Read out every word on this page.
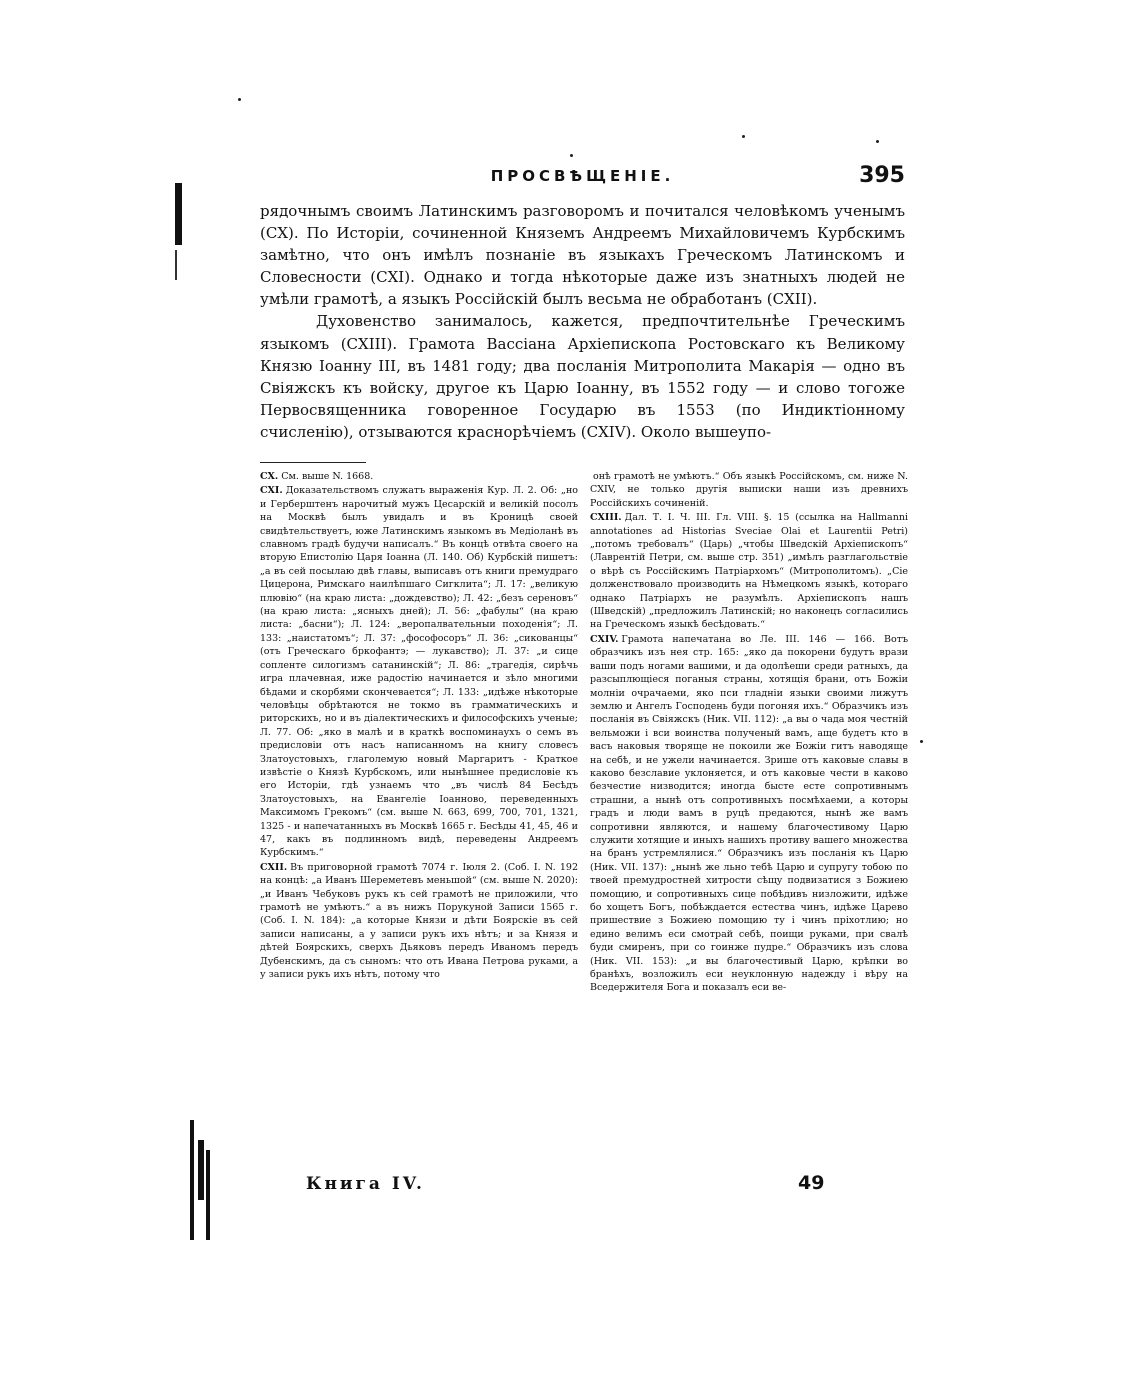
ПРОСВѢЩЕНІЕ.	395

рядочнымъ своимъ Латинскимъ разговоромъ и почитался человѣкомъ ученымъ (CX). По Исторіи, сочиненной Княземъ Андреемъ Михайловичемъ Курбскимъ замѣтно, что онъ имѣлъ познаніе въ языкахъ Греческомъ Латинскомъ и Словесности (CXI). Однако и тогда нѣкоторые даже изъ знатныхъ людей не умѣли грамотѣ, а языкъ Россійскій былъ весьма не обработанъ (CXII).

Духовенство занималось, кажется, предпочтительнѣе Греческимъ языкомъ (CXIII). Грамота Вассіана Архіепископа Ростовскаго къ Великому Князю Іоанну III, въ 1481 году; два посланія Митрополита Макарія — одно въ Свіяжскъ къ войску, другое къ Царю Іоанну, въ 1552 году — и слово тогоже Первосвященника говоренное Государю въ 1553 (по Индиктіонному счисленію), отзываются краснорѣчіемъ (CXIV). Около вышеупо-

CX. См. выше N. 1668.

CXI. Доказательствомъ служатъ выраженія Кур. Л. 2. Об: „но и Герберштенъ нарочитый мужъ Цесарскій и великій посолъ на Москвѣ былъ увидалъ и въ Кроницѣ своей свидѣтельствуетъ, юже Латинскимъ языкомъ въ Медіоланѣ въ славномъ градѣ будучи написалъ.“ Въ концѣ отвѣта своего на вторую Епистолію Царя Іоанна (Л. 140. Об) Курбскій пишетъ: „а въ сей посылаю двѣ главы, выписавъ отъ книги премудраго Цицерона, Римскаго наилѣпшаго Сигклита“; Л. 17: „великую плювію“ (на краю листа: „дождевство); Л. 42: „безъ сереновъ“ (на краю листа: „ясныхъ дней); Л. 56: „фабулы“ (на краю листа: „басни“); Л. 124: „вeрoпалвательныи походенія“; Л. 133: „наистатомъ“; Л. 37: „фософосоръ“ Л. 36: „сикованцы“ (отъ Греческаго бркофантэ; — лукавство); Л. 37: „и сице сопленте силогизмъ сатанинскій“; Л. 86: „трагедія, сирѣчь игра плачевная, иже радостію начинается и зѣло многими бѣдами и скорбями скончевается“; Л. 133: „идѣже нѣкоторые человѣцы обрѣтаются не токмо въ грамматическихъ и риторскихъ, но и въ діалектическихъ и философскихъ ученые; Л. 77. Об: „яко в малѣ и в краткѣ воспоминаухъ о семъ въ предисловіи отъ насъ написанномъ на книгу словесъ Златоустовыхъ, глаголемую новый Маргаритъ - Краткое извѣстіе о Князѣ Курбскомъ, или нынѣшнее предисловіе къ его Исторіи, гдѣ узнаемъ что „въ числѣ 84 Бесѣдъ Златоустовыхъ, на Евангеліе Іоанново, переведенныхъ Максимомъ Грекомъ“ (см. выше N. 663, 699, 700, 701, 1321, 1325 - и напечатанныхъ въ Москвѣ 1665 г. Бесѣды 41, 45, 46 и 47, какъ въ подлинномъ видѣ, переведены Андреемъ Курбскимъ.“

CXII. Въ приговорной грамотѣ 7074 г. Іюля 2. (Соб. I. N. 192 на концѣ: „а Иванъ Шереметевъ меньшой“ (см. выше N. 2020): „и Иванъ Чебуковъ рукъ къ сей грамотѣ не приложили, что грамотѣ не умѣютъ.“ а въ нижъ Порукуной Записи 1565 г. (Соб. I. N. 184): „а которые Князи и дѣти Боярскіе въ сей записи написаны, а у записи рукъ ихъ нѣтъ; и за Князя и дѣтей Боярскихъ, сверхъ Дьяковъ передъ Иваномъ передъ Дубенскимъ, да съ сыномъ: что отъ Ивана Петрова руками, а у записи рукъ ихъ нѣтъ, потому что

онѣ грамотѣ не умѣютъ.“ Объ языкѣ Россійскомъ, см. ниже N. CXIV, не только другія выписки наши изъ древнихъ Россійскихъ сочиненій.

CXIII. Дал. Т. I. Ч. III. Гл. VIII. §. 15 (ссылка на Hallmanni annotationes ad Historias Sveciae Olai et Laurentii Petri) „потомъ требовалъ“ (Царь) „чтобы Шведскій Архіепископъ“ (Лаврентій Петри, см. выше стр. 351) „имѣлъ разглагольствіе о вѣрѣ съ Россійскимъ Патріархомъ“ (Митрополитомъ). „Сіе долженствовало производить на Нѣмецкомъ языкѣ, котораго однако Патріархъ не разумѣлъ. Архіепископъ нашъ (Шведскій) „предложилъ Латинскій; но наконецъ согласились на Греческомъ языкѣ бесѣдовать.“

CXIV. Грамота напечатана во Ле. III. 146 — 166. Вотъ образчикъ изъ нея стр. 165: „яко да покорени будутъ врази ваши подъ ногами вашими, и да одолѣеши среди ратныхъ, да разсыплющіеся поганыя страны, хотящія брани, отъ Божіи молніи очрачаеми, яко пси гладніи языки своими лижутъ землю и Ангелъ Господень буди погоняя ихъ.“ Образчикъ изъ посланія въ Свіяжскъ (Ник. VII. 112): „а вы о чада моя честній вельможи і вси воинства полученый вамъ, аще будетъ кто в васъ наковыя творяще не покоили же Божіи гитъ наводяще на себѣ, и не ужели начинается. Зрише отъ каковые славы в каково безславие уклоняется, и отъ каковые чести в каково безчестие низводится; иногда бысте есте сопротивнымъ страшни, а нынѣ отъ сопротивныхъ посмѣхаеми, а которы градъ и люди вамъ в руцѣ предаются, нынѣ же вамъ сопротивни являются, и нашему благочестивому Царю служити хотящие и иныхъ нашихъ противу вашего множества на бранъ устремлялися.“ Образчикъ изъ посланія къ Царю (Ник. VII. 137): „нынѣ же льно тебѣ Царю и супругу тобою по твоей премудростней хитрости сѣщу подвизатися з Божиею помощию, и сопротивныхъ сице побѣдивъ низложити, идѣже бо хощетъ Богъ, побѣждается естества чинъ, идѣже Царево пришествие з Божиею помощию ту і чинъ пріхотлию; но едино велимъ еси смотрай себѣ, поищи руками, при свалѣ буди смиренъ, при со гоинже пудре.“ Образчикъ изъ слова (Ник. VII. 153): „и вы благочестивый Царю, крѣпки во бранѣхъ, возложилъ еси неуклонную надежду і вѣру на Вседержителя Бога и показалъ еси ве-

Книга IV.	49
